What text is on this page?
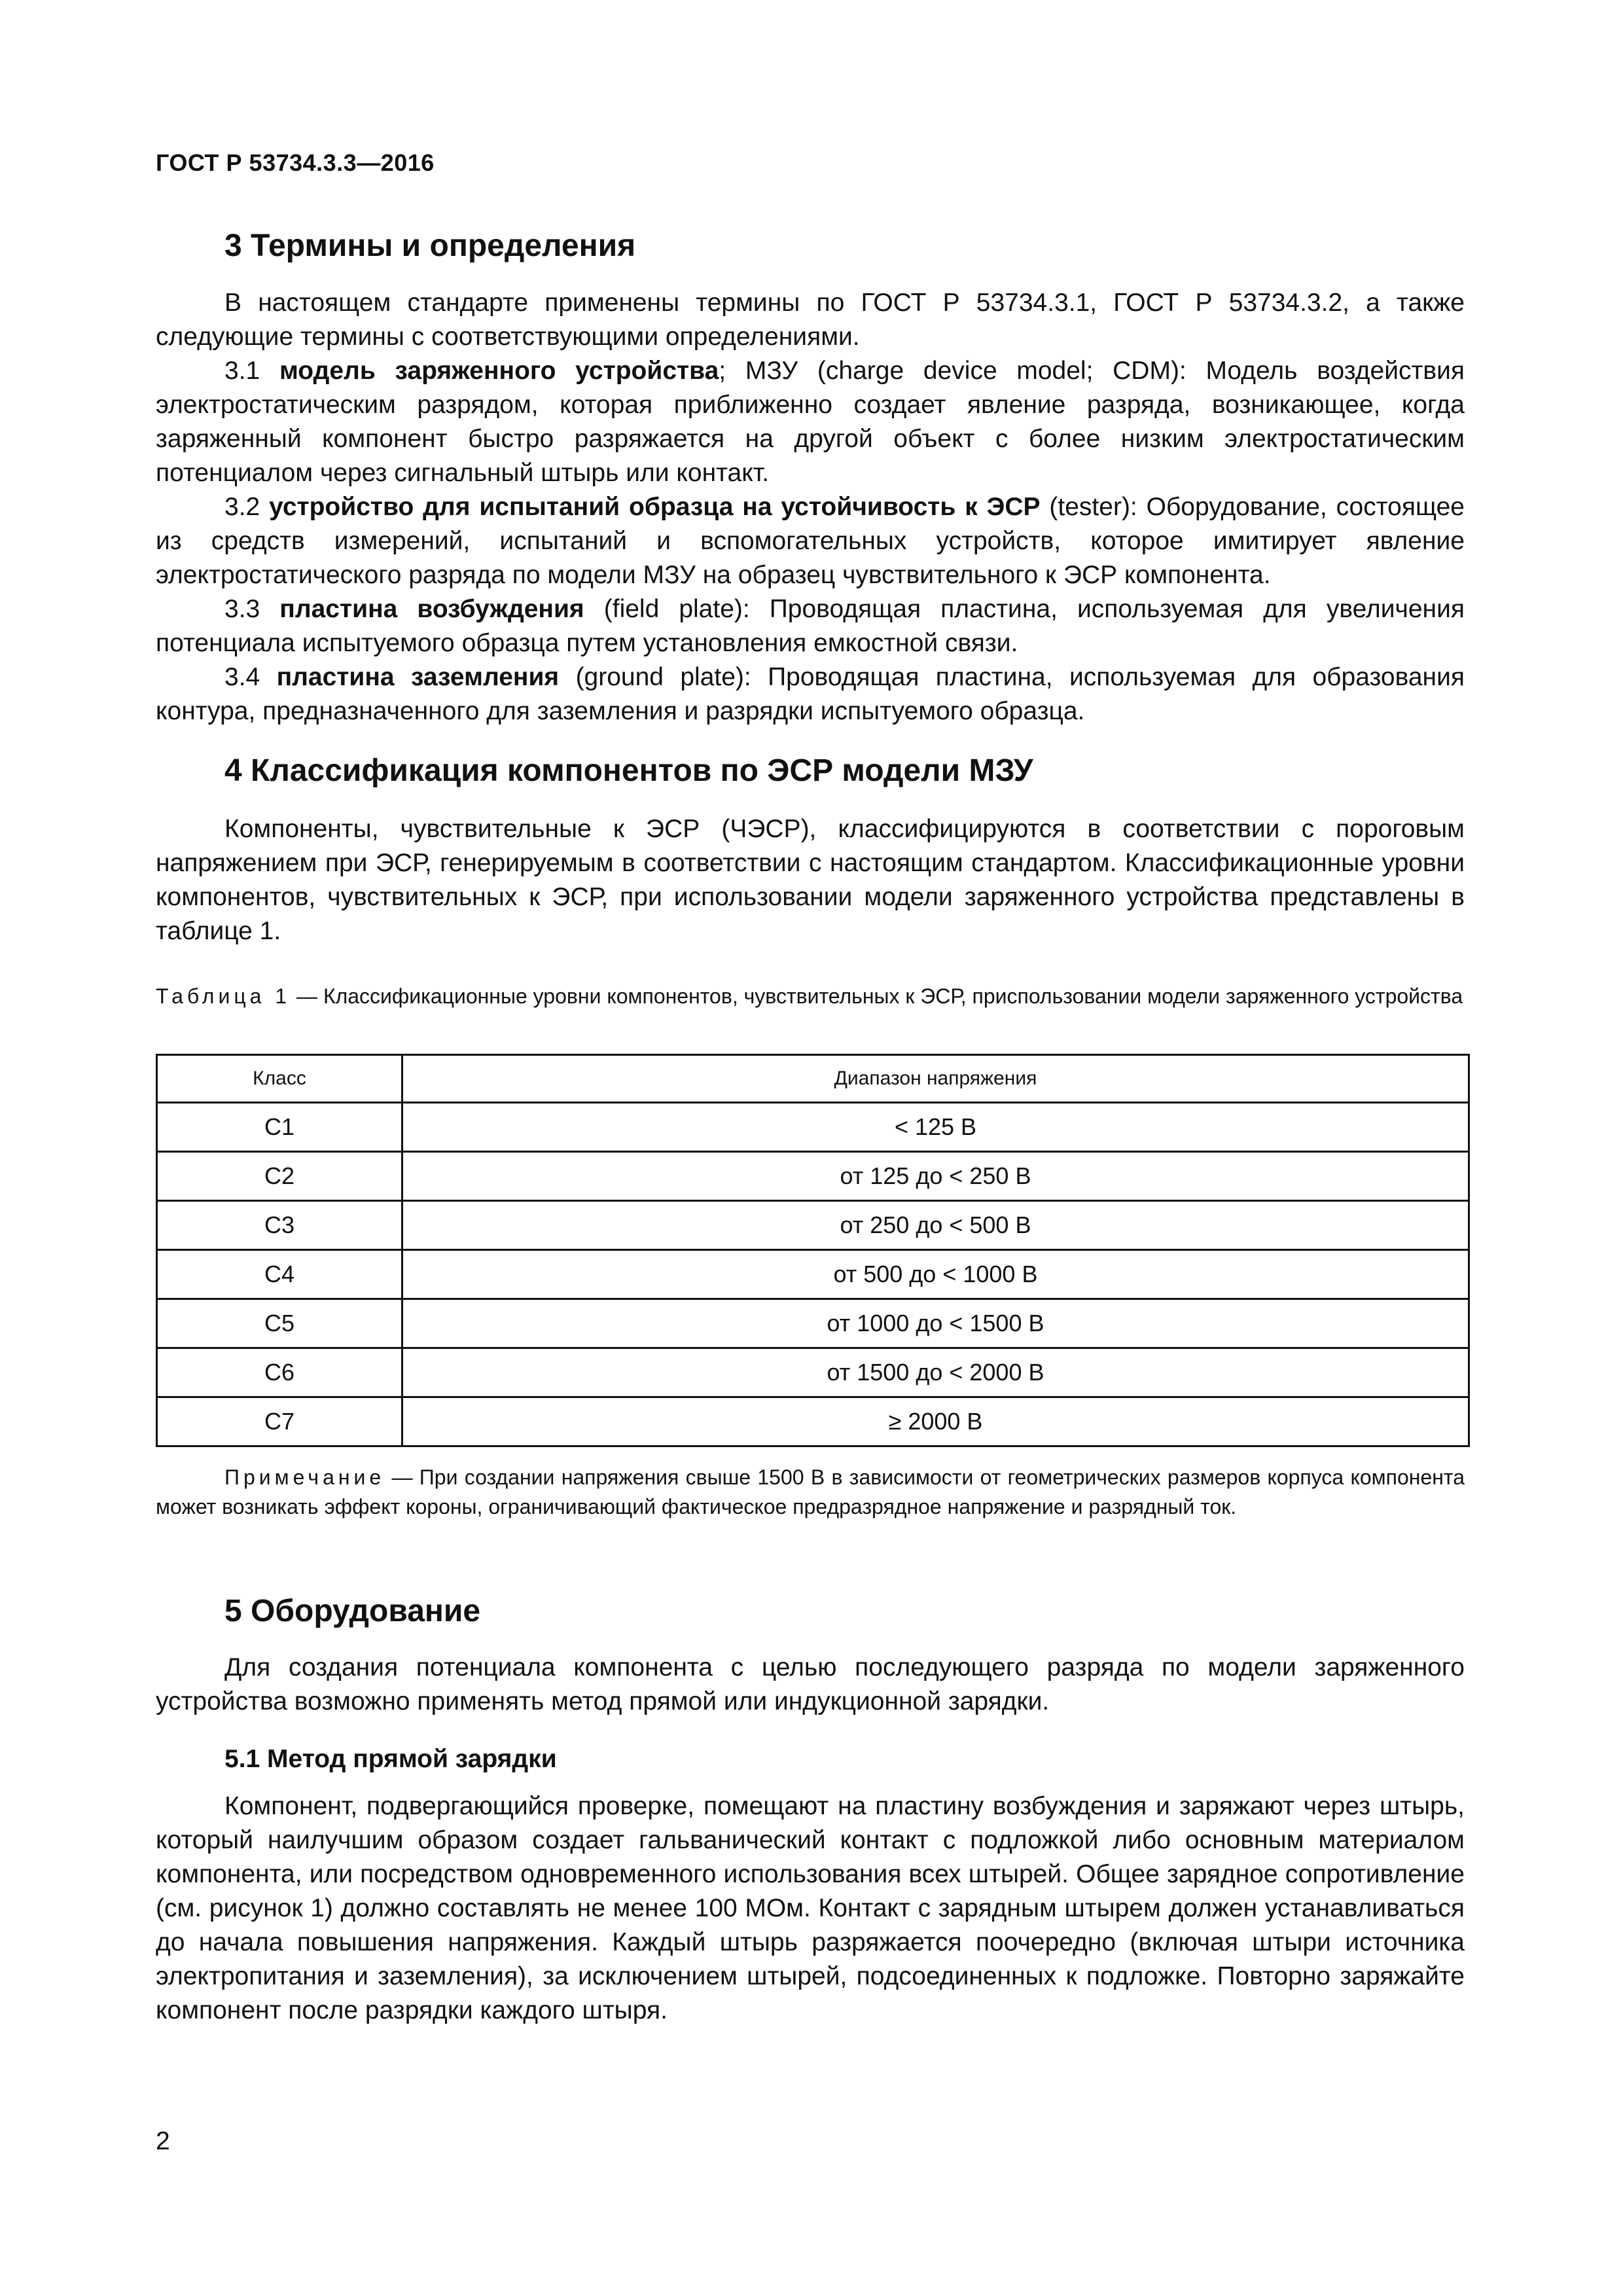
ГОСТ Р 53734.3.3—2016
3 Термины и определения

В настоящем стандарте применены термины по ГОСТ Р 53734.3.1, ГОСТ Р 53734.3.2, а также следующие термины с соответствующими определениями.

3.1 модель заряженного устройства; МЗУ (charge device model; CDM): Модель воздействия электростатическим разрядом, которая приближенно создает явление разряда, возникающее, когда заряженный компонент быстро разряжается на другой объект с более низким электростатическим потенциалом через сигнальный штырь или контакт.

3.2 устройство для испытаний образца на устойчивость к ЭСР (tester): Оборудование, состоящее из средств измерений, испытаний и вспомогательных устройств, которое имитирует явление электростатического разряда по модели МЗУ на образец чувствительного к ЭСР компонента.

3.3 пластина возбуждения (field plate): Проводящая пластина, используемая для увеличения потенциала испытуемого образца путем установления емкостной связи.

3.4 пластина заземления (ground plate): Проводящая пластина, используемая для образования контура, предназначенного для заземления и разрядки испытуемого образца.

4 Классификация компонентов по ЭСР модели МЗУ

Компоненты, чувствительные к ЭСР (ЧЭСР), классифицируются в соответствии с пороговым напряжением при ЭСР, генерируемым в соответствии с настоящим стандартом. Классификационные уровни компонентов, чувствительных к ЭСР, при использовании модели заряженного устройства представлены в таблице 1.

Таблица 1 — Классификационные уровни компонентов, чувствительных к ЭСР, приспользовании модели заряженного устройства

Класс	Диапазон напряжения
C1	< 125 В
C2	от 125 до < 250 В
C3	от 250 до < 500 В
C4	от 500 до < 1000 В
C5	от 1000 до < 1500 В
C6	от 1500 до < 2000 В
C7	≥ 2000 В

Примечание — При создании напряжения свыше 1500 В в зависимости от геометрических размеров корпуса компонента может возникать эффект короны, ограничивающий фактическое предразрядное напряжение и разрядный ток.

5 Оборудование

Для создания потенциала компонента с целью последующего разряда по модели заряженного устройства возможно применять метод прямой или индукционной зарядки.

5.1 Метод прямой зарядки

Компонент, подвергающийся проверке, помещают на пластину возбуждения и заряжают через штырь, который наилучшим образом создает гальванический контакт с подложкой либо основным материалом компонента, или посредством одновременного использования всех штырей. Общее зарядное сопротивление (см. рисунок 1) должно составлять не менее 100 МОм. Контакт с зарядным штырем должен устанавливаться до начала повышения напряжения. Каждый штырь разряжается поочередно (включая штыри источника электропитания и заземления), за исключением штырей, подсоединенных к подложке. Повторно заряжайте компонент после разрядки каждого штыря.

2
